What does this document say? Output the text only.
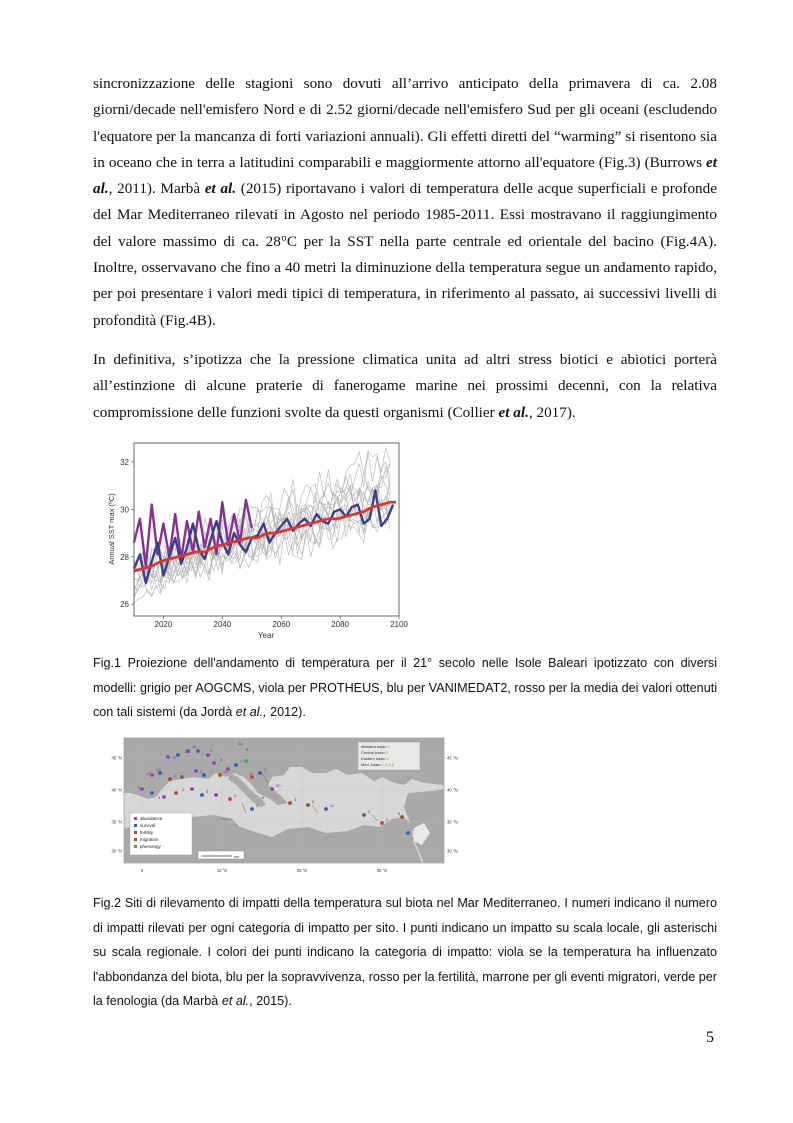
sincronizzazione delle stagioni sono dovuti all’arrivo anticipato della primavera di ca. 2.08 giorni/decade nell'emisfero Nord e di 2.52 giorni/decade nell'emisfero Sud per gli oceani (escludendo l'equatore per la mancanza di forti variazioni annuali). Gli effetti diretti del “warming” si risentono sia in oceano che in terra a latitudini comparabili e maggiormente attorno all'equatore (Fig.3) (Burrows et al., 2011). Marbà et al. (2015) riportavano i valori di temperatura delle acque superficiali e profonde del Mar Mediterraneo rilevati in Agosto nel periodo 1985-2011. Essi mostravano il raggiungimento del valore massimo di ca. 28°C per la SST nella parte centrale ed orientale del bacino (Fig.4A). Inoltre, osservavano che fino a 40 metri la diminuzione della temperatura segue un andamento rapido, per poi presentare i valori medi tipici di temperatura, in riferimento al passato, ai successivi livelli di profondità (Fig.4B).

In definitiva, s’ipotizza che la pressione climatica unita ad altri stress biotici e abiotici porterà all’estinzione di alcune praterie di fanerogame marine nei prossimi decenni, con la relativa compromissione delle funzioni svolte da questi organismi (Collier et al., 2017).

2020	2040	2060	2080	2100
26
28
30
32
Year
Annual SST max (ºC)

Fig.1 Proiezione dell'andamento di temperatura per il 21° secolo nelle Isole Baleari ipotizzato con diversi modelli: grigio per AOGCMS, viola per PROTHEUS, blu per VANIMEDAT2, rosso per la media dei valori ottenuti con tali sistemi (da Jordà et al., 2012).

13
18
14
3
3
17
20
2
2	10
7
2
2
13
5
3
4
2	8
2
3
30
3	8
11
2
2
8
3
5
Western basin 1
Central basin 2
Eastern basin 4
Med. basin 1,3,4,5
abundance
survival
fertility
migration
phenology
km
45 °N	45 °N
40 °N	40 °N
35 °N	35 °N
30 °N	30 °N
0	10 °E	20 °E	30 °E

Fig.2 Siti di rilevamento di impatti della temperatura sul biota nel Mar Mediterraneo. I numeri indicano il numero di impatti rilevati per ogni categoria di impatto per sito. I punti indicano un impatto su scala locale, gli asterischi su scala regionale. I colori dei punti indicano la categoria di impatto: viola se la temperatura ha influenzato l'abbondanza del biota, blu per la sopravvivenza, rosso per la fertilità, marrone per gli eventi migratori, verde per la fenologia (da Marbà et al., 2015).

5
